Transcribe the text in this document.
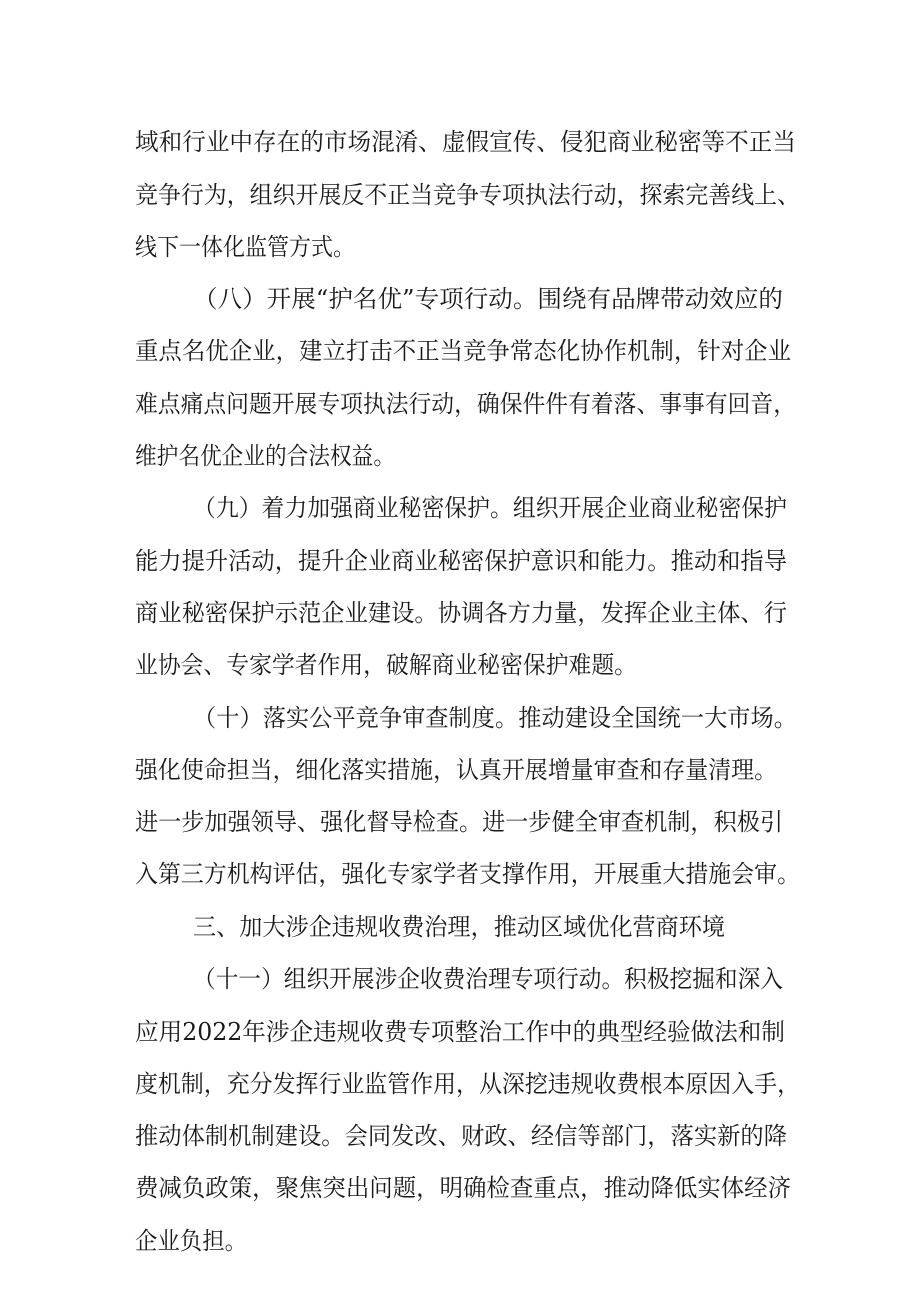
域和行业中存在的市场混淆、虚假宣传、侵犯商业秘密等不正当
竞争行为，组织开展反不正当竞争专项执法行动，探索完善线上、
线下一体化监管方式。
（八）开展“护名优”专项行动。围绕有品牌带动效应的
重点名优企业，建立打击不正当竞争常态化协作机制，针对企业
难点痛点问题开展专项执法行动，确保件件有着落、事事有回音，
维护名优企业的合法权益。
（九）着力加强商业秘密保护。组织开展企业商业秘密保护
能力提升活动，提升企业商业秘密保护意识和能力。推动和指导
商业秘密保护示范企业建设。协调各方力量，发挥企业主体、行
业协会、专家学者作用，破解商业秘密保护难题。
（十）落实公平竞争审查制度。推动建设全国统一大市场。
强化使命担当，细化落实措施，认真开展增量审查和存量清理。
进一步加强领导、强化督导检查。进一步健全审查机制，积极引
入第三方机构评估，强化专家学者支撑作用，开展重大措施会审。
三、加大涉企违规收费治理，推动区域优化营商环境
（十一）组织开展涉企收费治理专项行动。积极挖掘和深入
应用2022年涉企违规收费专项整治工作中的典型经验做法和制
度机制，充分发挥行业监管作用，从深挖违规收费根本原因入手，
推动体制机制建设。会同发改、财政、经信等部门，落实新的降
费减负政策，聚焦突出问题，明确检查重点，推动降低实体经济
企业负担。
